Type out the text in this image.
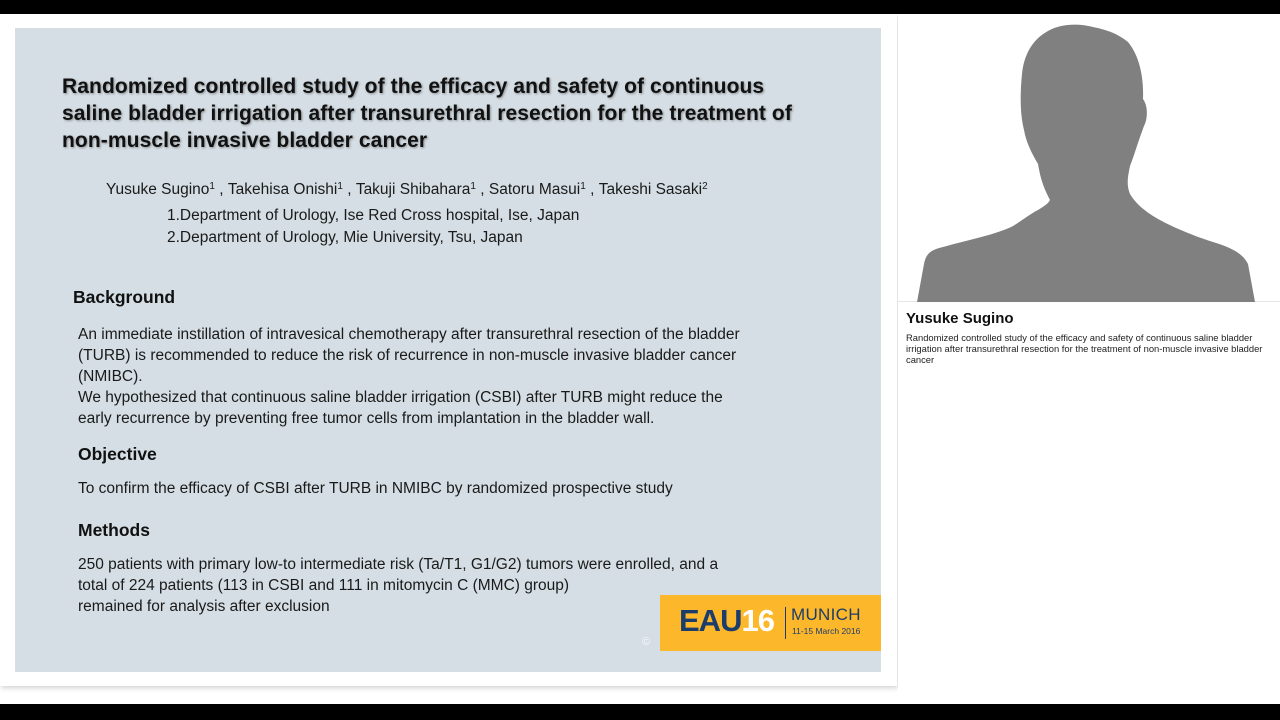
Randomized controlled study of the efficacy and safety of continuous
saline bladder irrigation after transurethral resection for the treatment of
non-muscle invasive bladder cancer
Yusuke Sugino$^1$ , Takehisa Onishi$^1$ , Takuji Shibahara$^1$ , Satoru Masui$^1$ , Takeshi Sasaki$^2$
1.Department of Urology, Ise Red Cross hospital, Ise, Japan
2.Department of Urology, Mie University, Tsu, Japan
Background
An immediate instillation of intravesical chemotherapy after transurethral resection of the bladder
(TURB) is recommended to reduce the risk of recurrence in non-muscle invasive bladder cancer
(NMIBC).
We hypothesized that continuous saline bladder irrigation (CSBI) after TURB might reduce the
early recurrence by preventing free tumor cells from implantation in the bladder wall.
Objective
To confirm the efficacy of CSBI after TURB in NMIBC by randomized prospective study
Methods
250 patients with primary low-to intermediate risk (Ta/T1, G1/G2) tumors were enrolled, and a
total of 224 patients (113 in CSBI and 111 in mitomycin C (MMC) group)
remained for analysis after exclusion
©
EAU16 MUNICH
11-15 March 2016
Yusuke Sugino
Randomized controlled study of the efficacy and safety of continuous saline bladder irrigation after transurethral resection for the treatment of non-muscle invasive bladder cancer
